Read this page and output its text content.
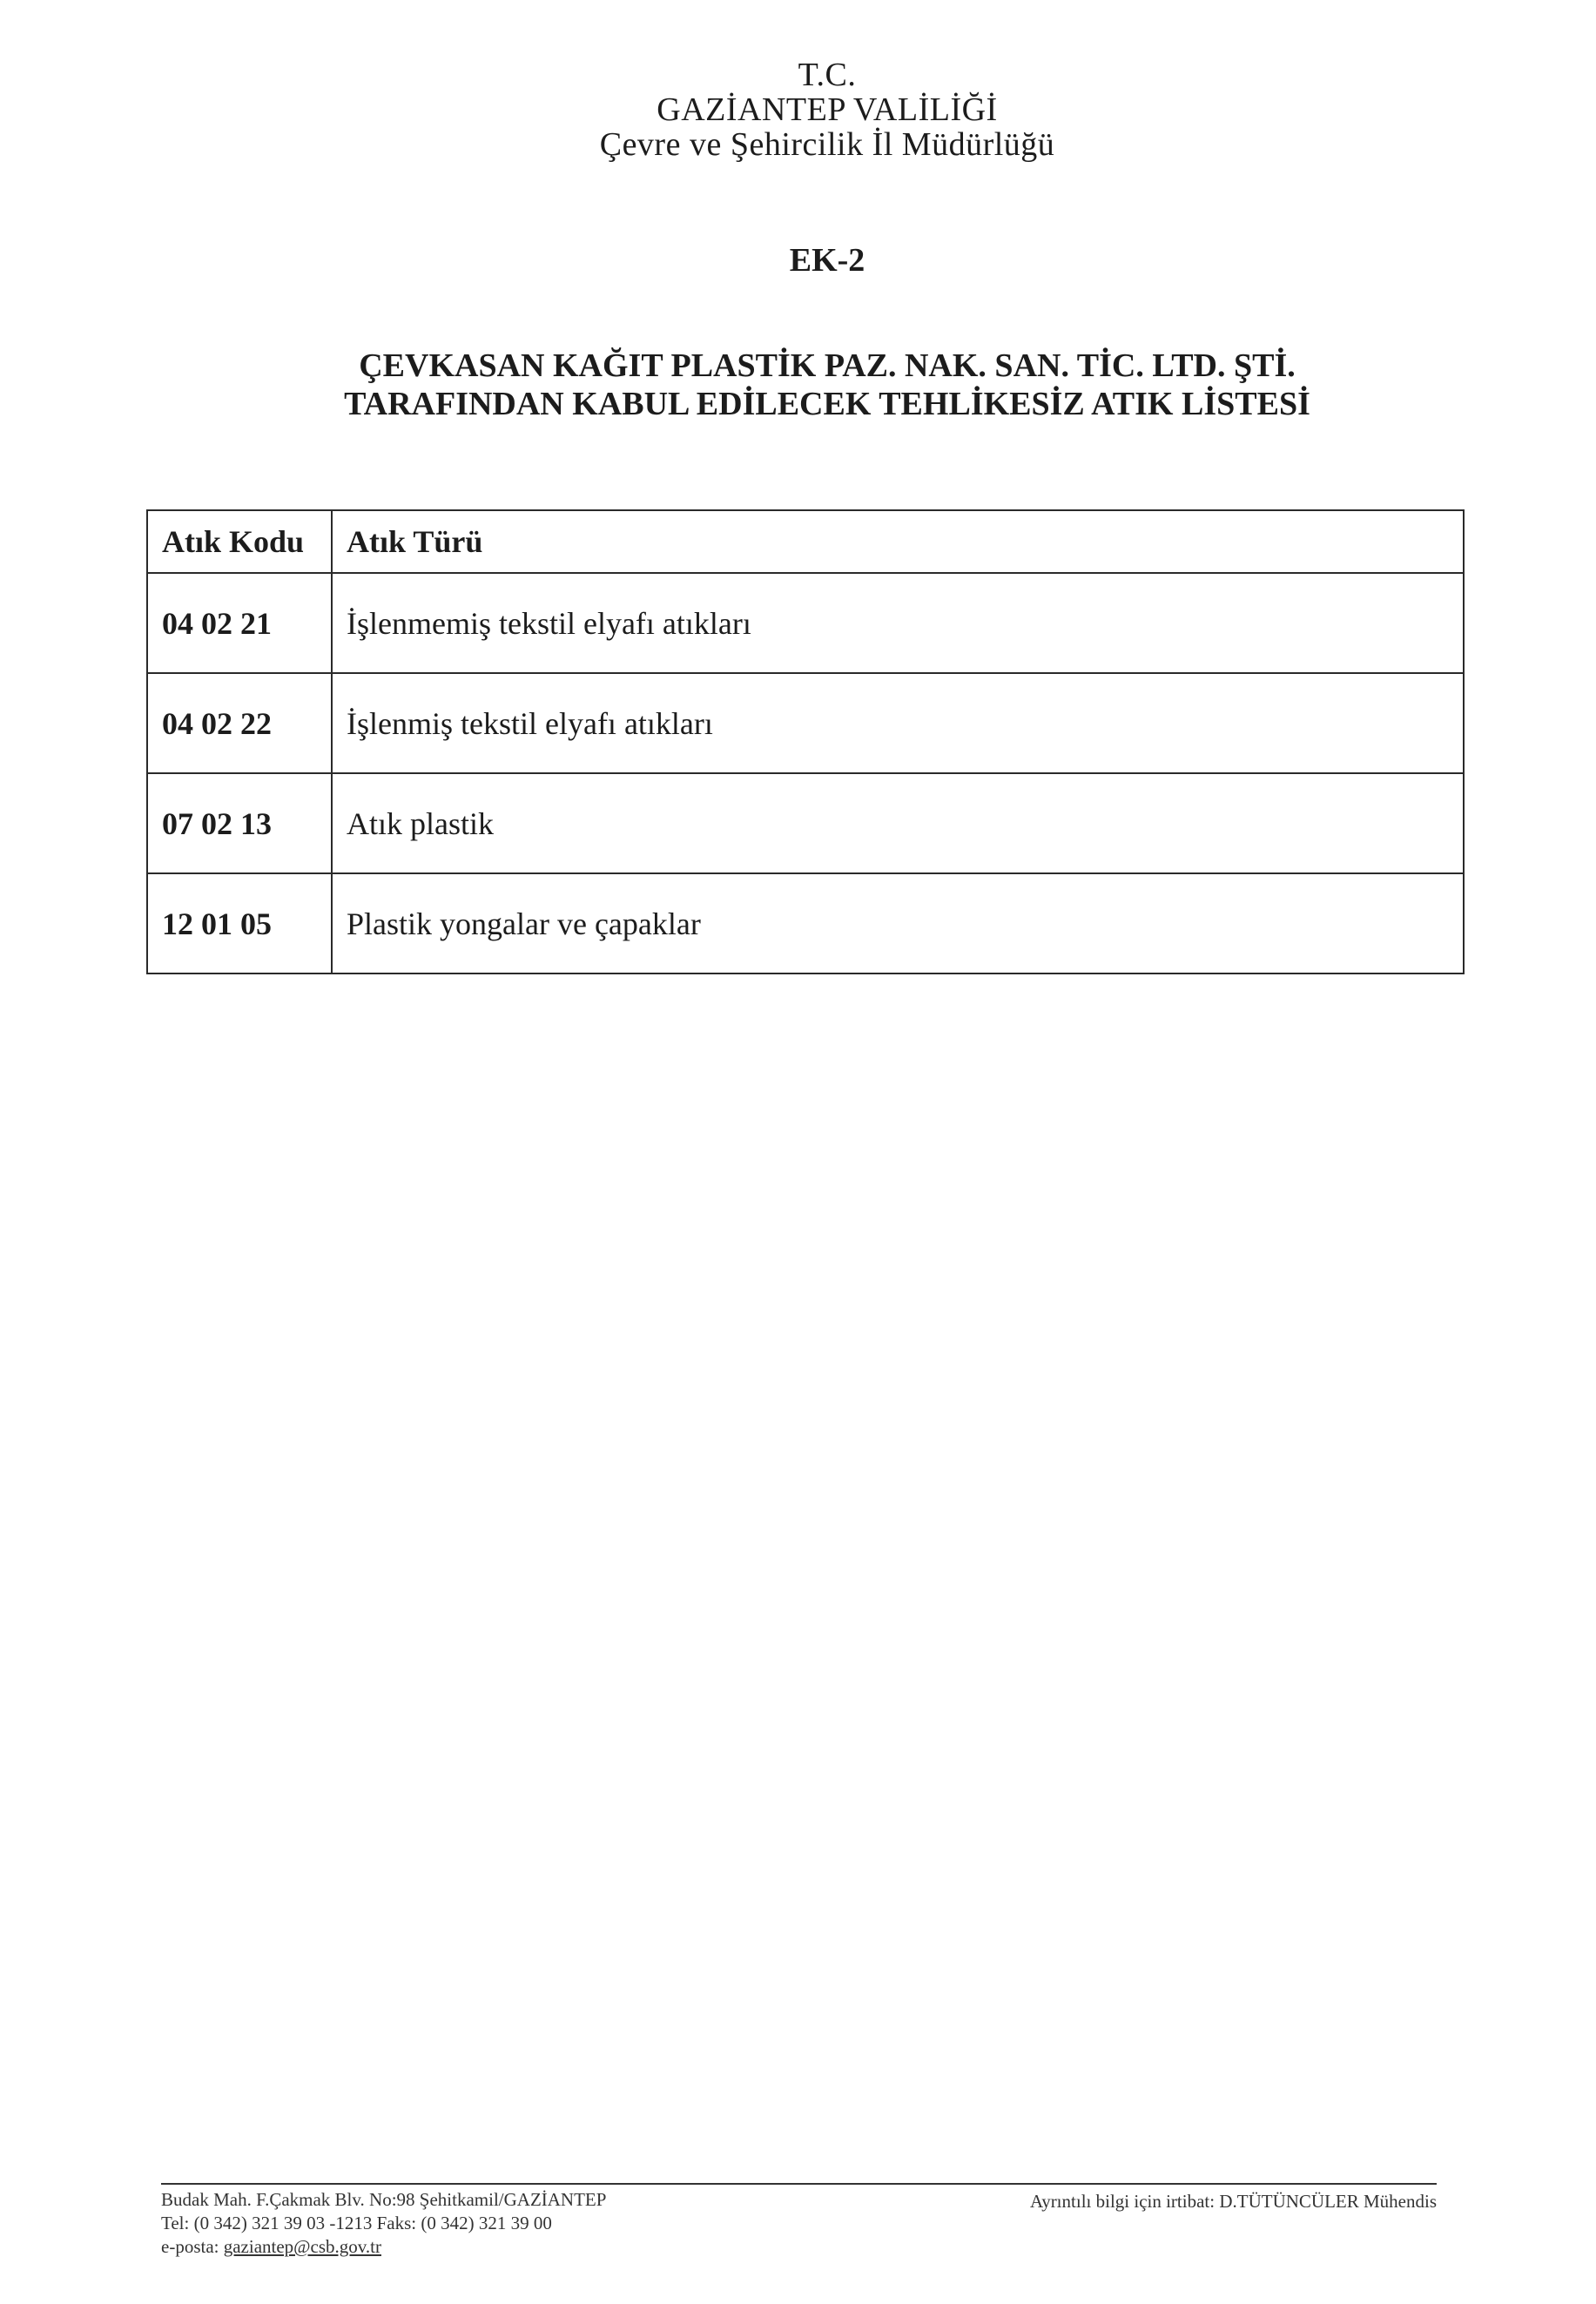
T.C.
GAZİANTEP VALİLİĞİ
Çevre ve Şehircilik İl Müdürlüğü
EK-2
ÇEVKASAN KAĞIT PLASTİK PAZ. NAK. SAN. TİC. LTD. ŞTİ.
TARAFINDAN KABUL EDİLECEK TEHLİKESİZ ATIK LİSTESİ
Atık Kodu	Atık Türü
04 02 21	İşlenmemiş tekstil elyafı atıkları
04 02 22	İşlenmiş tekstil elyafı atıkları
07 02 13	Atık plastik
12 01 05	Plastik yongalar ve çapaklar
Budak Mah. F.Çakmak Blv. No:98 Şehitkamil/GAZİANTEP
Tel: (0 342) 321 39 03 -1213 Faks: (0 342) 321 39 00
e-posta: gaziantep@csb.gov.tr
Ayrıntılı bilgi için irtibat: D.TÜTÜNCÜLER Mühendis
